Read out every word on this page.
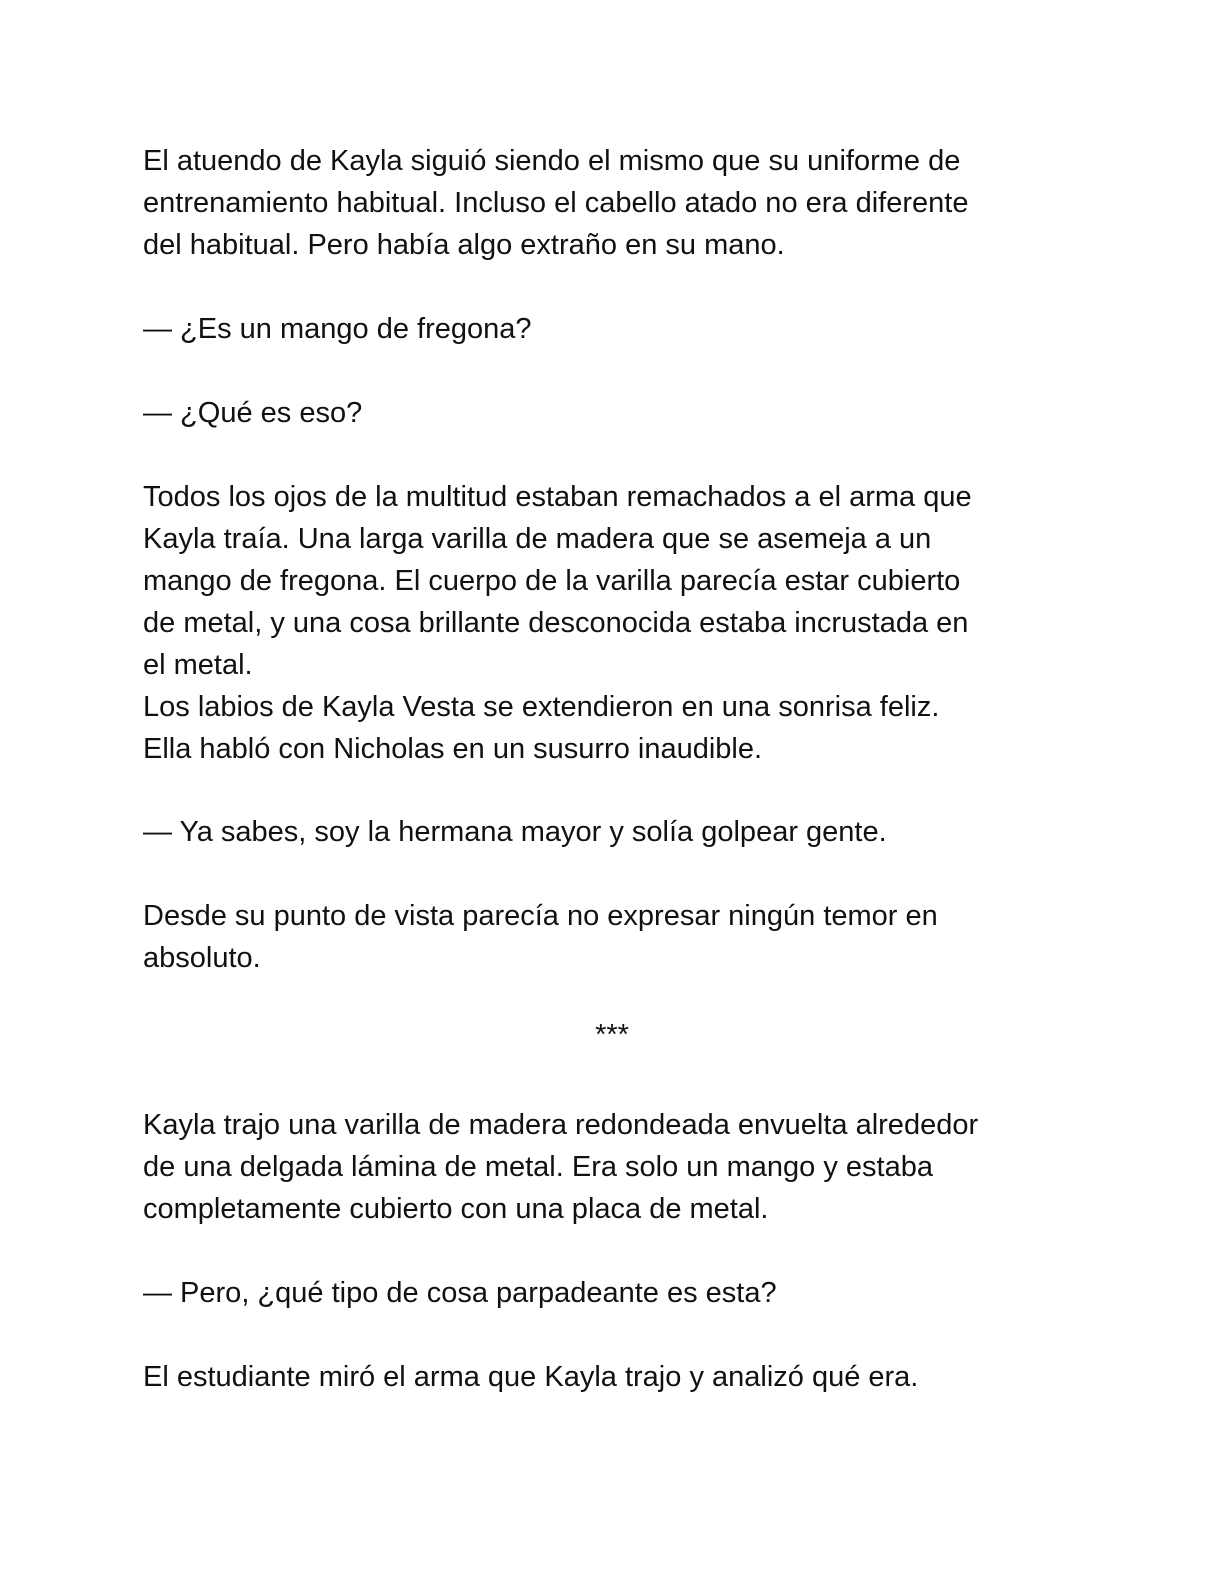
El atuendo de Kayla siguió siendo el mismo que su uniforme de
entrenamiento habitual. Incluso el cabello atado no era diferente
del habitual. Pero había algo extraño en su mano.
— ¿Es un mango de fregona?
— ¿Qué es eso?
Todos los ojos de la multitud estaban remachados a el arma que
Kayla traía. Una larga varilla de madera que se asemeja a un
mango de fregona. El cuerpo de la varilla parecía estar cubierto
de metal, y una cosa brillante desconocida estaba incrustada en
el metal.
Los labios de Kayla Vesta se extendieron en una sonrisa feliz.
Ella habló con Nicholas en un susurro inaudible.
— Ya sabes, soy la hermana mayor y solía golpear gente.
Desde su punto de vista parecía no expresar ningún temor en
absoluto.
***
Kayla trajo una varilla de madera redondeada envuelta alrededor
de una delgada lámina de metal. Era solo un mango y estaba
completamente cubierto con una placa de metal.
— Pero, ¿qué tipo de cosa parpadeante es esta?
El estudiante miró el arma que Kayla trajo y analizó qué era.
